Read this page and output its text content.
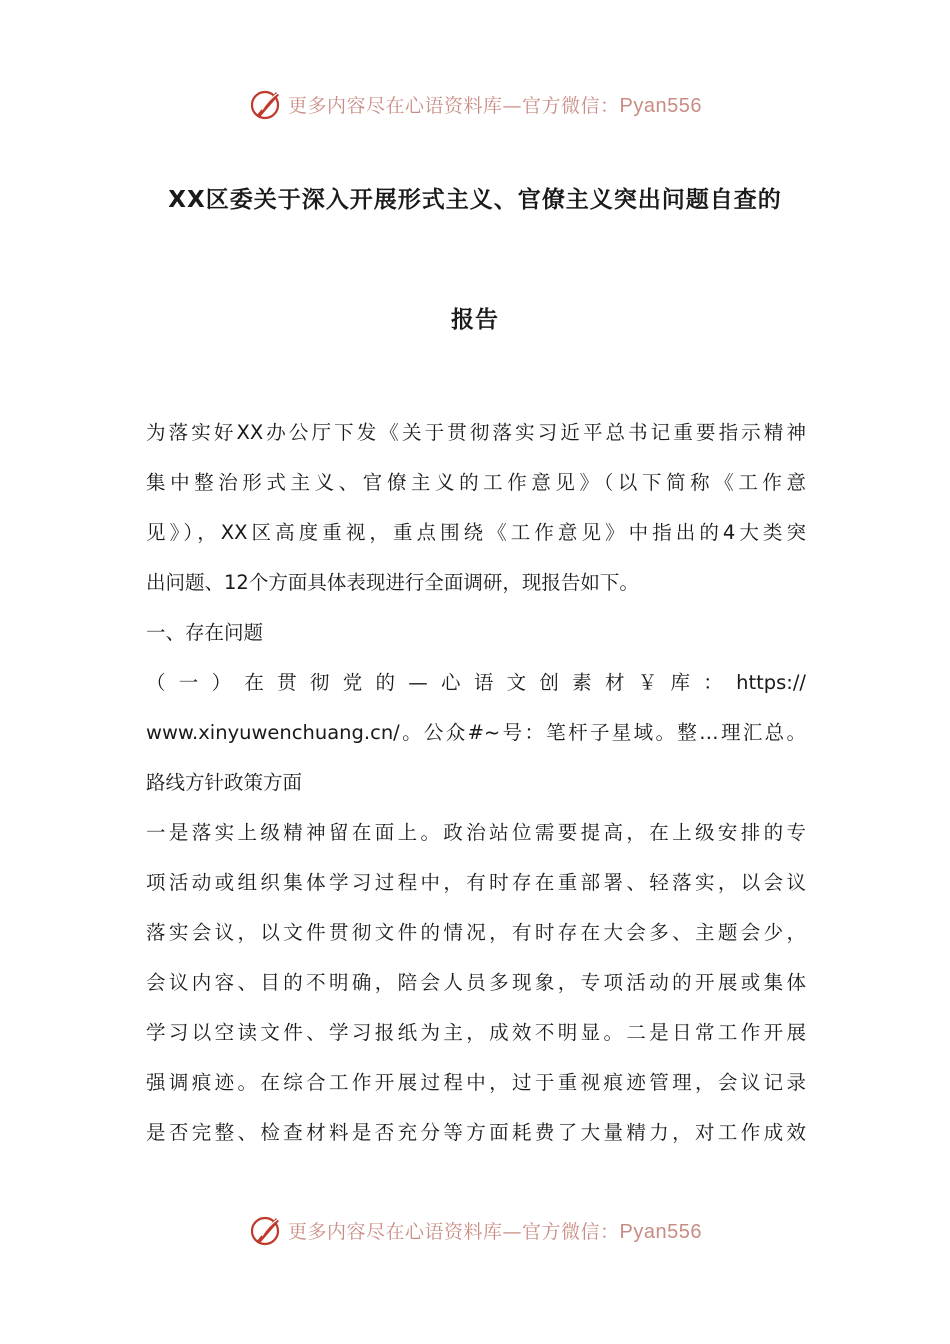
更多内容尽在心语资料库—官方微信：Pyan556
XX区委关于深入开展形式主义、官僚主义突出问题自查的
报告
为落实好XX办公厅下发《关于贯彻落实习近平总书记重要指示精神
集中整治形式主义、官僚主义的工作意见》（以下简称《工作意
见》），XX区高度重视，重点围绕《工作意见》中指出的4大类突
出问题、12个方面具体表现进行全面调研，现报告如下。
一、存在问题
（一）在贯彻党的—心语文创素材￥库：https://
www.xinyuwenchuang.cn/。公众#~号：笔杆子星域。整…理汇总。
路线方针政策方面
一是落实上级精神留在面上。政治站位需要提高，在上级安排的专
项活动或组织集体学习过程中，有时存在重部署、轻落实，以会议
落实会议，以文件贯彻文件的情况，有时存在大会多、主题会少，
会议内容、目的不明确，陪会人员多现象，专项活动的开展或集体
学习以空读文件、学习报纸为主，成效不明显。二是日常工作开展
强调痕迹。在综合工作开展过程中，过于重视痕迹管理，会议记录
是否完整、检查材料是否充分等方面耗费了大量精力，对工作成效
更多内容尽在心语资料库—官方微信：Pyan556
